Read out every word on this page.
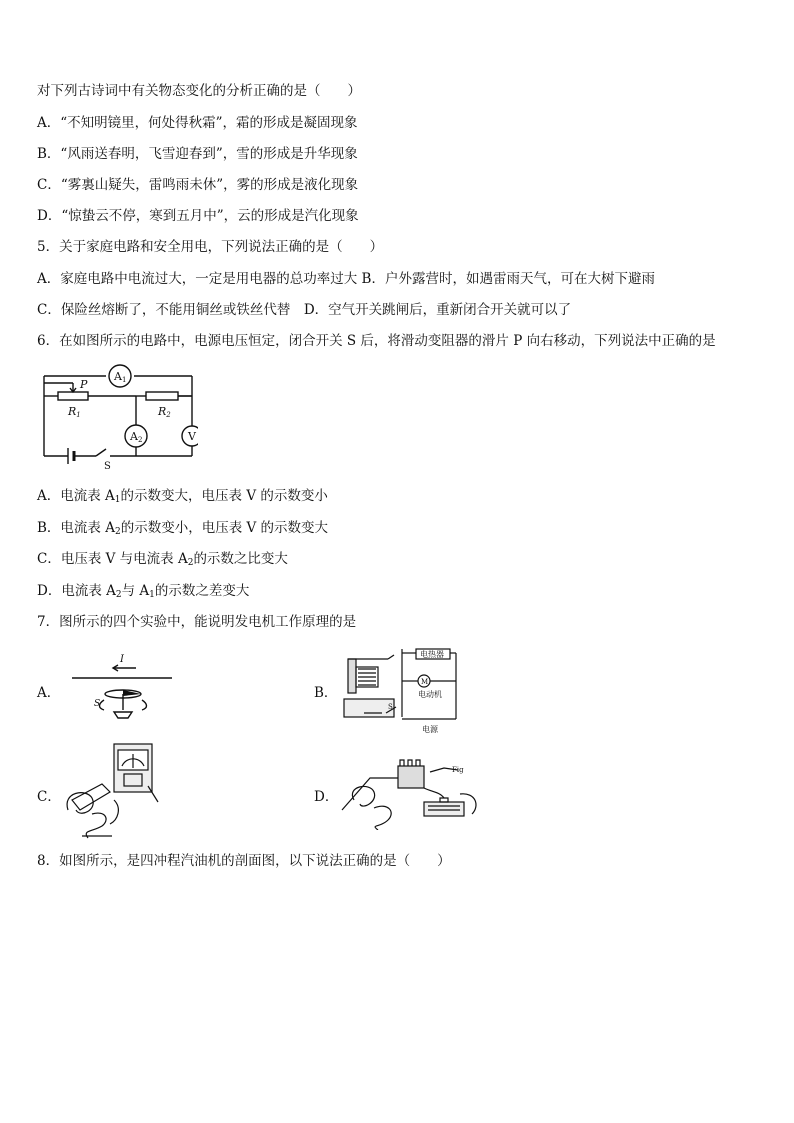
对下列古诗词中有关物态变化的分析正确的是（　　）
A．“不知明镜里，何处得秋霜”，霜的形成是凝固现象
B．“风雨送春明，飞雪迎春到”，雪的形成是升华现象
C．“雾裏山疑失，雷鸣雨未休”，雾的形成是液化现象
D．“惊蛰云不停，寒到五月中”，云的形成是汽化现象
5．关于家庭电路和安全用电，下列说法正确的是（　　）
A．家庭电路中电流过大，一定是用电器的总功率过大 B．户外露营时，如遇雷雨天气，可在大树下避雨
C．保险丝熔断了，不能用铜丝或铁丝代替　D．空气开关跳闸后，重新闭合开关就可以了
6．在如图所示的电路中，电源电压恒定，闭合开关 S 后，将滑动变阻器的滑片 P 向右移动，下列说法中正确的是
A1
A2	V
P
R1	R2
S
A．电流表 $A_1$的示数变大，电压表 V 的示数变小
B．电流表 $A_2$的示数变小，电压表 V 的示数变大
C．电压表 V 与电流表 $A_2$的示数之比变大
D．电流表 $A_2$与 $A_1$的示数之差变大
7．图所示的四个实验中，能说明发电机工作原理的是
A．
I
S
B．
电热器
M
电动机
电源
S
C．	D．
Fig
8．如图所示，是四冲程汽油机的剖面图，以下说法正确的是（　　）
